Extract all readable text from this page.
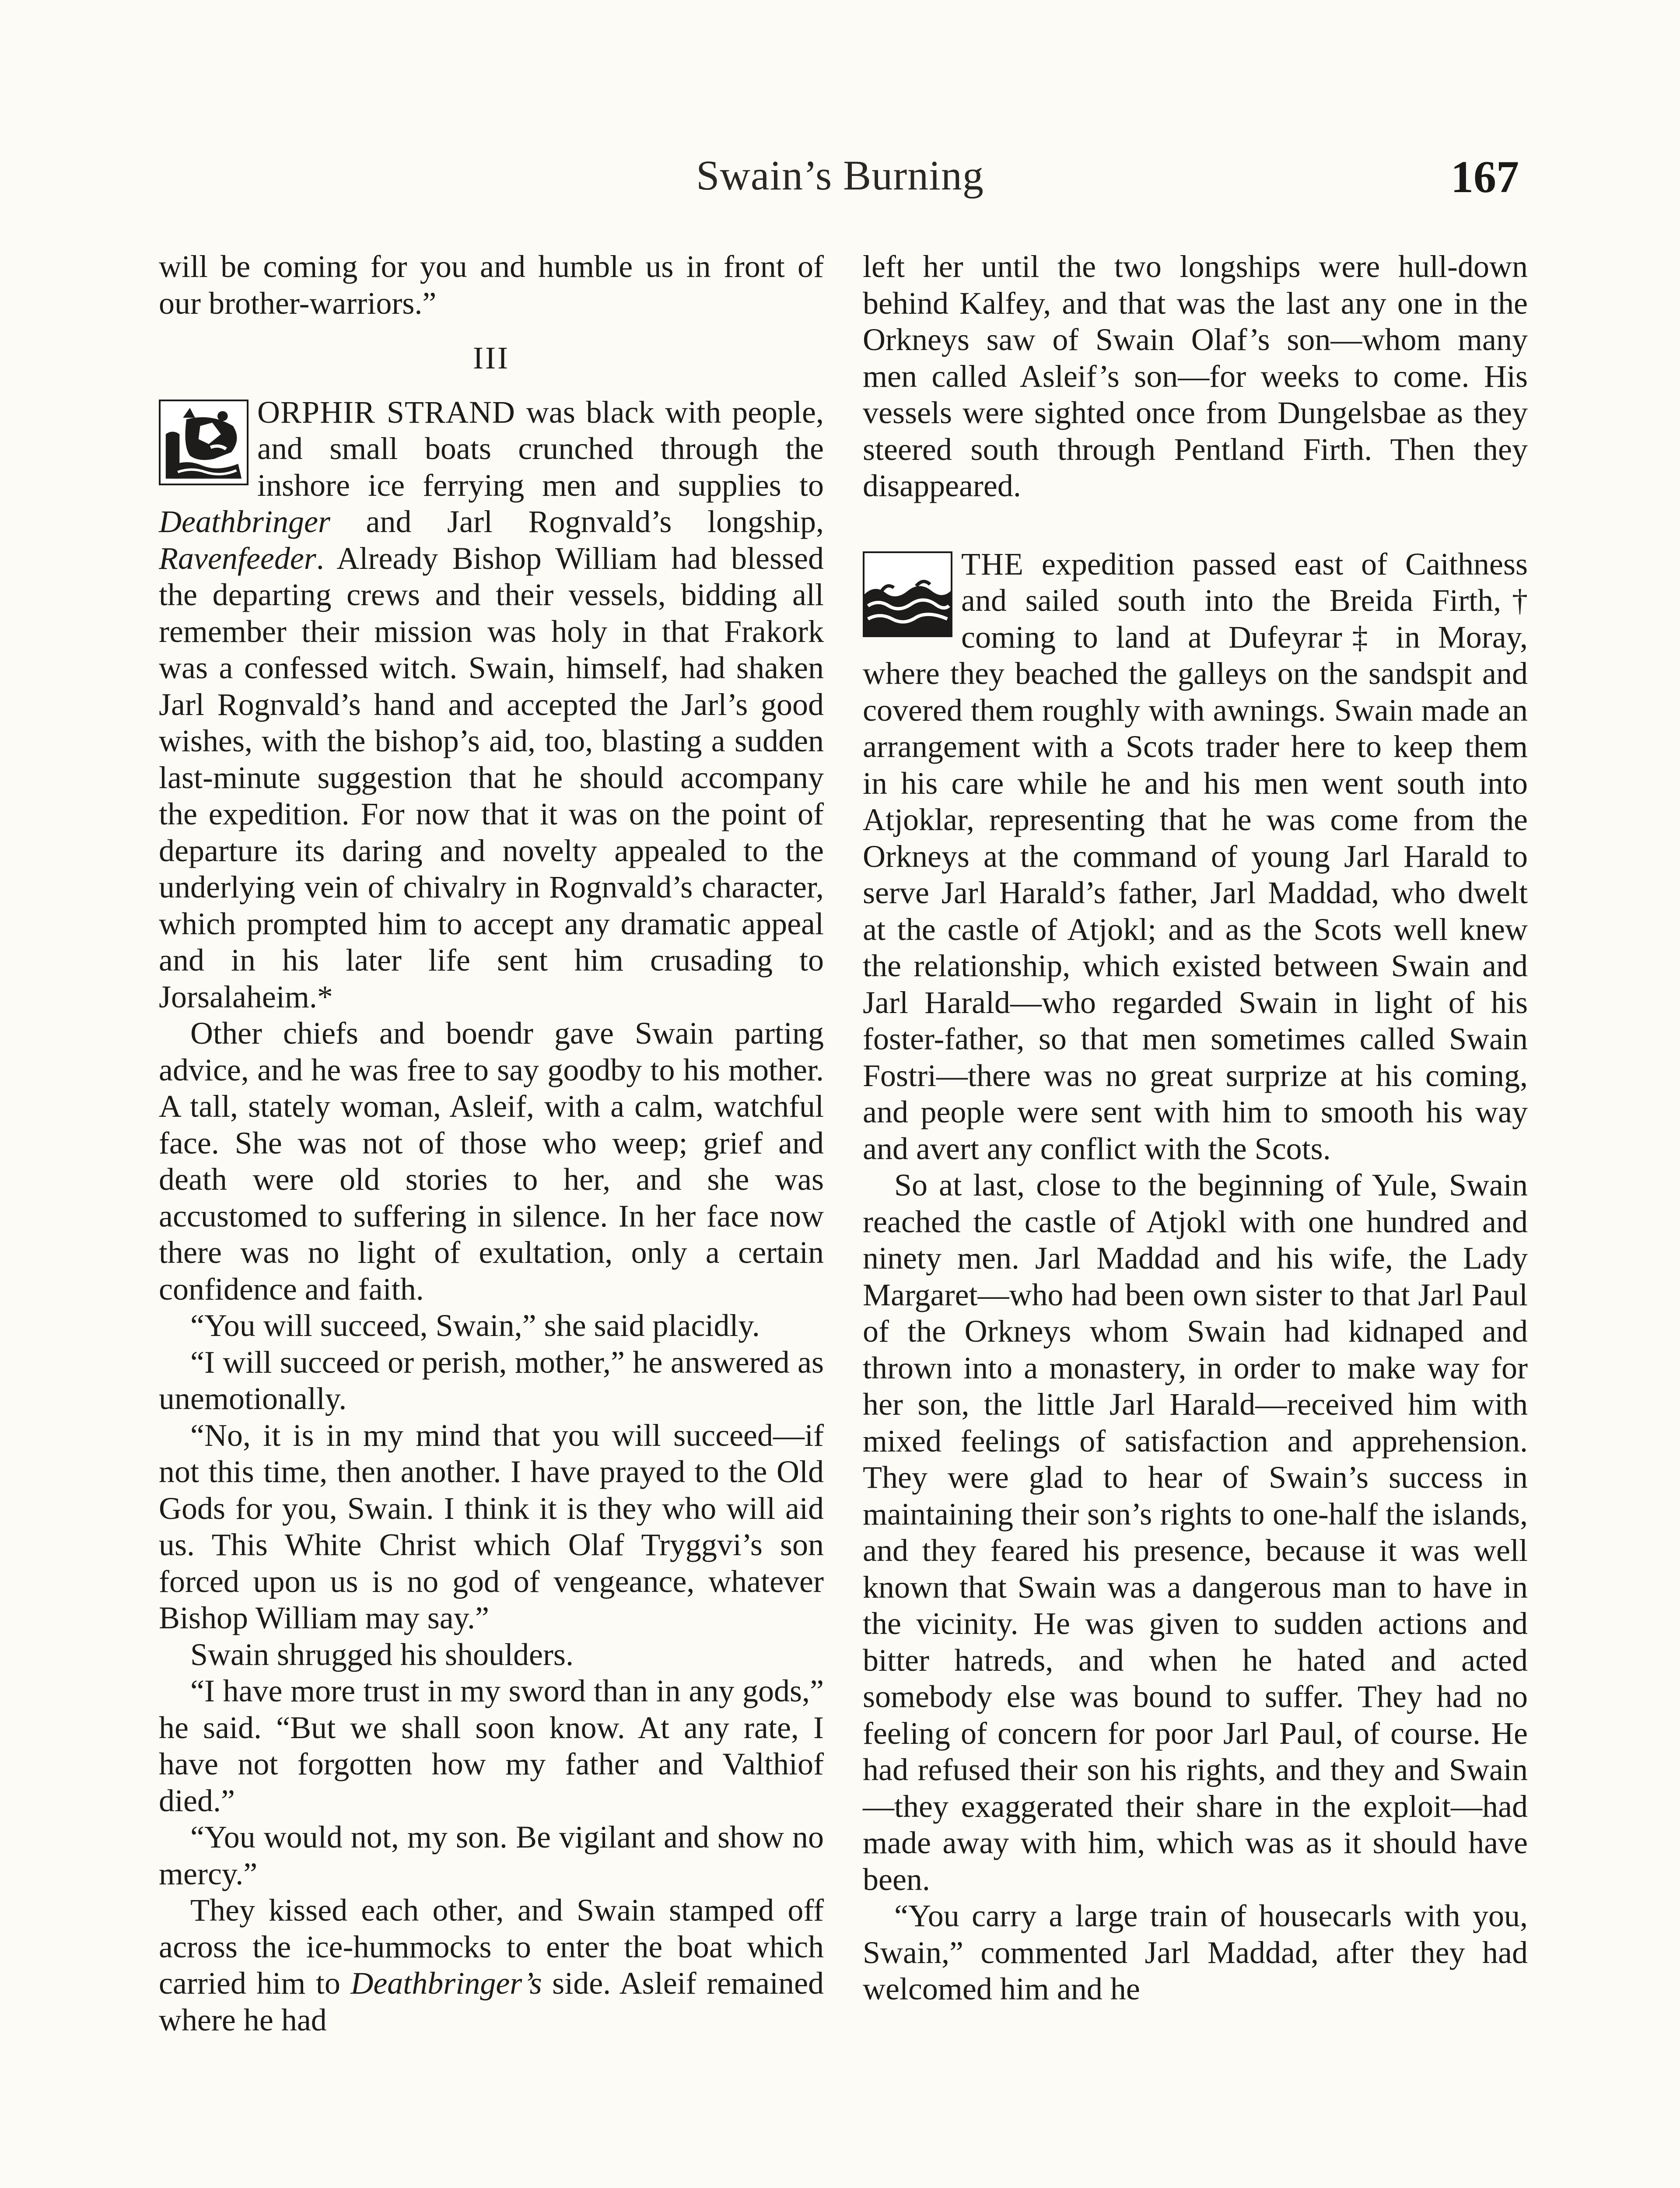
Swain’s Burning	167

will be coming for you and humble us in front of our brother-warriors.”

III

ORPHIR STRAND was black with people, and small boats crunched through the inshore ice ferrying men and supplies to Deathbringer and Jarl Rognvald’s longship, Ravenfeeder. Already Bishop William had blessed the departing crews and their vessels, bidding all remember their mission was holy in that Frakork was a confessed witch. Swain, himself, had shaken Jarl Rognvald’s hand and accepted the Jarl’s good wishes, with the bishop’s aid, too, blasting a sudden last-minute suggestion that he should accompany the expedition. For now that it was on the point of departure its daring and novelty appealed to the underlying vein of chivalry in Rognvald’s character, which prompted him to accept any dramatic appeal and in his later life sent him crusading to Jorsalaheim.*

Other chiefs and boendr gave Swain parting advice, and he was free to say goodby to his mother. A tall, stately woman, Asleif, with a calm, watchful face. She was not of those who weep; grief and death were old stories to her, and she was accustomed to suffering in silence. In her face now there was no light of exultation, only a certain confidence and faith.

“You will succeed, Swain,” she said placidly.

“I will succeed or perish, mother,” he answered as unemotionally.

“No, it is in my mind that you will succeed—if not this time, then another. I have prayed to the Old Gods for you, Swain. I think it is they who will aid us. This White Christ which Olaf Tryggvi’s son forced upon us is no god of vengeance, whatever Bishop William may say.”

Swain shrugged his shoulders.

“I have more trust in my sword than in any gods,” he said. “But we shall soon know. At any rate, I have not forgotten how my father and Valthiof died.”

“You would not, my son. Be vigilant and show no mercy.”

They kissed each other, and Swain stamped off across the ice-hummocks to enter the boat which carried him to Deathbringer’s side. Asleif remained where he had

left her until the two longships were hull-down behind Kalfey, and that was the last any one in the Orkneys saw of Swain Olaf’s son—whom many men called Asleif’s son—for weeks to come. His vessels were sighted once from Dungelsbae as they steered south through Pentland Firth. Then they disappeared.

THE expedition passed east of Caithness and sailed south into the Breida Firth,† coming to land at Dufeyrar‡ in Moray, where they beached the galleys on the sandspit and covered them roughly with awnings. Swain made an arrangement with a Scots trader here to keep them in his care while he and his men went south into Atjoklar, representing that he was come from the Orkneys at the command of young Jarl Harald to serve Jarl Harald’s father, Jarl Maddad, who dwelt at the castle of Atjokl; and as the Scots well knew the relationship, which existed between Swain and Jarl Harald—who regarded Swain in light of his foster-father, so that men sometimes called Swain Fostri—there was no great surprize at his coming, and people were sent with him to smooth his way and avert any conflict with the Scots.

So at last, close to the beginning of Yule, Swain reached the castle of Atjokl with one hundred and ninety men. Jarl Maddad and his wife, the Lady Margaret—who had been own sister to that Jarl Paul of the Orkneys whom Swain had kidnaped and thrown into a monastery, in order to make way for her son, the little Jarl Harald—received him with mixed feelings of satisfaction and apprehension. They were glad to hear of Swain’s success in maintaining their son’s rights to one-half the islands, and they feared his presence, because it was well known that Swain was a dangerous man to have in the vicinity. He was given to sudden actions and bitter hatreds, and when he hated and acted somebody else was bound to suffer. They had no feeling of concern for poor Jarl Paul, of course. He had refused their son his rights, and they and Swain—they exaggerated their share in the exploit—had made away with him, which was as it should have been.

“You carry a large train of housecarls with you, Swain,” commented Jarl Maddad, after they had welcomed him and he
